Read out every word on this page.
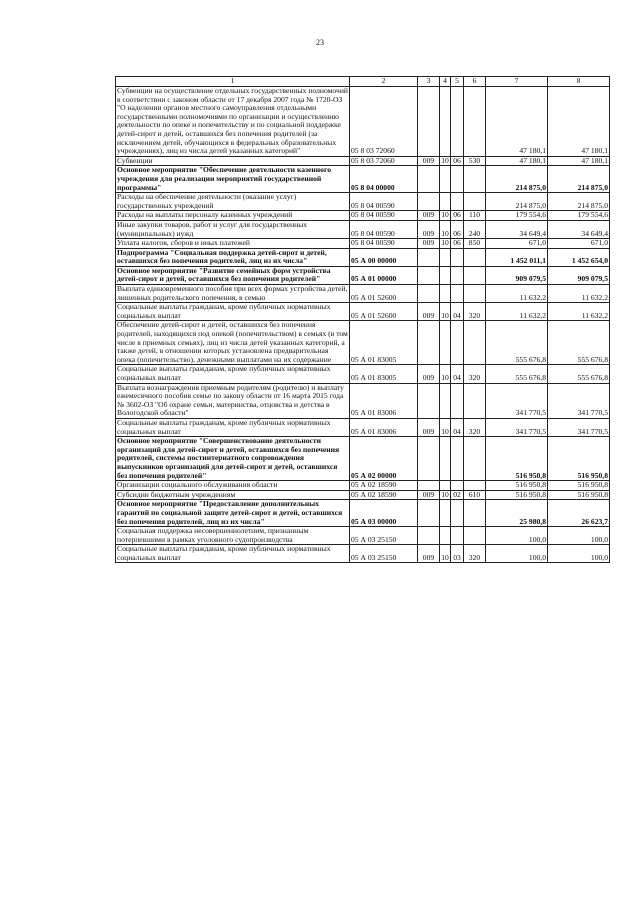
23
1	2	3	4	5	6	7	8
Субвенции на осуществление отдельных государственных полномочий в соответствии с законом области от 17 декабря 2007 года № 1720-ОЗ "О наделении органов местного самоуправления отдельными государственными полномочиями по организации и осуществлению деятельности по опеке и попечительству и по социальной поддержке детей-сирот и детей, оставшихся без попечения родителей (за исключением детей, обучающихся в федеральных образовательных учреждениях), лиц из числа детей указанных категорий"	05 8 03 72060					47 180,1	47 180,1
Субвенции	05 8 03 72060	009	10	06	530	47 180,1	47 180,1
Основное мероприятие "Обеспечение деятельности казенного учреждения для реализации мероприятий государственной программы"	05 8 04 00000					214 875,0	214 875,0
Расходы на обеспечение деятельности (оказание услуг) государственных учреждений	05 8 04 00590					214 875,0	214 875,0
Расходы на выплаты персоналу казенных учреждений	05 8 04 00590	009	10	06	110	179 554,6	179 554,6
Иные закупки товаров, работ и услуг для государственных (муниципальных) нужд	05 8 04 00590	009	10	06	240	34 649,4	34 649,4
Уплата налогов, сборов и иных платежей	05 8 04 00590	009	10	06	850	671,0	671,0
Подпрограмма "Социальная поддержка детей-сирот и детей, оставшихся без попечения родителей, лиц из их числа"	05 А 00 00000					1 452 011,1	1 452 654,0
Основное мероприятие "Развитие семейных форм устройства детей-сирот и детей, оставшихся без попечения родителей"	05 А 01 00000					909 079,5	909 079,5
Выплата единовременного пособия при всех формах устройства детей, лишенных родительского попечения, в семью	05 А 01 52600					11 632,2	11 632,2
Социальные выплаты гражданам, кроме публичных нормативных социальных выплат	05 А 01 52600	009	10	04	320	11 632,2	11 632,2
Обеспечение детей-сирот и детей, оставшихся без попечения родителей, находящихся под опекой (попечительством) в семьях (в том числе в приемных семьях), лиц из числа детей указанных категорий, а также детей, в отношении которых установлена предварительная опека (попечительство), денежными выплатами на их содержание	05 А 01 83005					555 676,8	555 676,8
Социальные выплаты гражданам, кроме публичных нормативных социальных выплат	05 А 01 83005	009	10	04	320	555 676,8	555 676,8
Выплата вознаграждения приемным родителям (родителю) и выплату ежемесячного пособия семье по закону области от 16 марта 2015 года № 3602-ОЗ "Об охране семьи, материнства, отцовства и детства в Вологодской области"	05 А 01 83006					341 770,5	341 770,5
Социальные выплаты гражданам, кроме публичных нормативных социальных выплат	05 А 01 83006	009	10	04	320	341 770,5	341 770,5
Основное мероприятие "Совершенствование деятельности организаций для детей-сирот и детей, оставшихся без попечения родителей, системы постинтернатного сопровождения выпускников организаций для детей-сирот и детей, оставшихся без попечения родителей"	05 А 02 00000					516 950,8	516 950,8
Организации социального обслуживания области	05 А 02 18590					516 950,8	516 950,8
Субсидии бюджетным учреждениям	05 А 02 18590	009	10	02	610	516 950,8	516 950,8
Основное мероприятие "Предоставление дополнительных гарантий по социальной защите детей-сирот и детей, оставшихся без попечения родителей, лиц из их числа"	05 А 03 00000					25 980,8	26 623,7
Социальная поддержка несовершеннолетним, признанным потерпевшими в рамках уголовного судопроизводства	05 А 03 25150					100,0	100,0
Социальные выплаты гражданам, кроме публичных нормативных социальных выплат	05 А 03 25150	009	10	03	320	100,0	100,0
